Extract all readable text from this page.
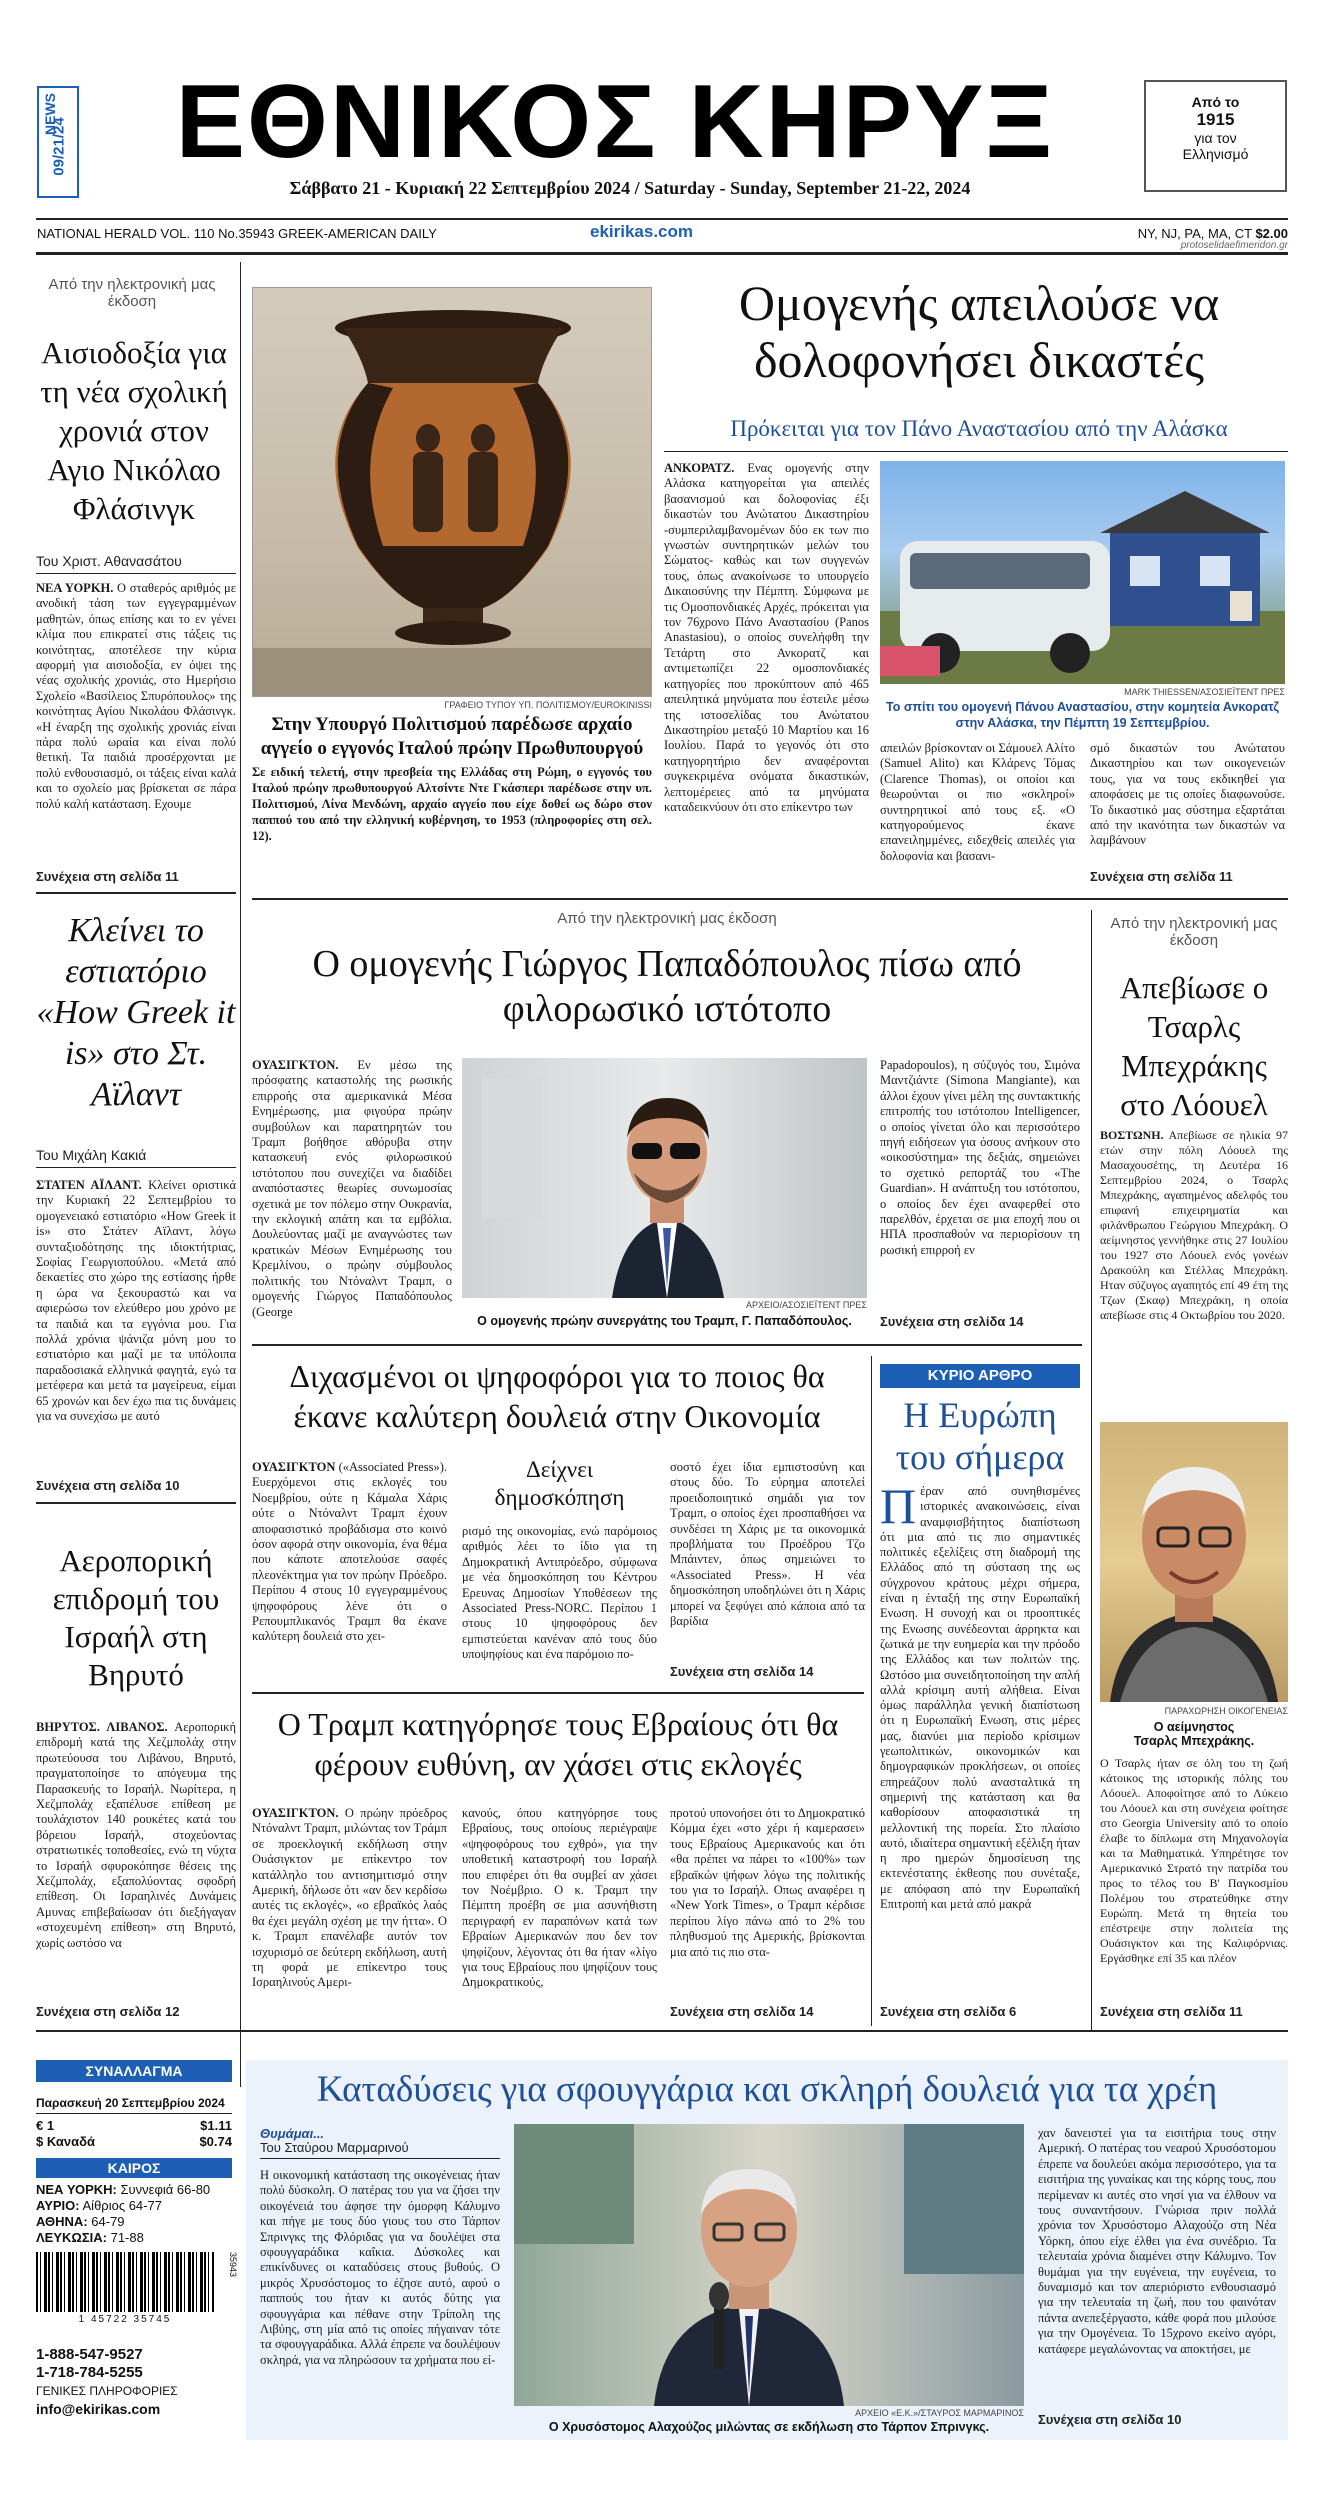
NEWS
09/21/24	ΕΘΝΙΚΟΣ ΚΗΡΥΞ
Σάββατο 21 - Κυριακή 22 Σεπτεμβρίου 2024 / Saturday - Sunday, September 21-22, 2024
Από το
1915
για τον
Ελληνισμό
NATIONAL HERALD VOL. 110 No.35943 GREEK-AMERICAN DAILY	ekirikas.com	NY, NJ, PA, MA, CT $2.00
protoselidaefimeridon.gr
Από την ηλεκτρονική μας έκδοση
Αισιοδοξία για τη νέα σχολική χρονιά στον Αγιο Νικόλαο Φλάσινγκ
Του Χριστ. Αθανασάτου
ΝΕΑ ΥΟΡΚΗ. Ο σταθερός αριθμός με ανοδική τάση των εγγεγραμμένων μαθητών, όπως επίσης και το εν γένει κλίμα που επικρατεί στις τάξεις τις κοινότητας, αποτέλεσε την κύρια αφορμή για αισιοδοξία, εν όψει της νέας σχολικής χρονιάς, στο Ημερήσιο Σχολείο «Βασίλειος Σπυρόπουλος» της κοινότητας Αγίου Νικολάου Φλάσινγκ. «Η έναρξη της σχολικής χρονιάς είναι πάρα πολύ ωραία και είναι πολύ θετική. Τα παιδιά προσέρχονται με πολύ ενθουσιασμό, οι τάξεις είναι καλά και το σχολείο μας βρίσκεται σε πάρα πολύ καλή κατάσταση. Εχουμε
Συνέχεια στη σελίδα 11
ΓΡΑΦΕΙΟ ΤΥΠΟΥ ΥΠ. ΠΟΛΙΤΙΣΜΟΥ/EUROKINISSI
Στην Υπουργό Πολιτισμού παρέδωσε αρχαίο αγγείο ο εγγονός Ιταλού πρώην Πρωθυπουργού
Σε ειδική τελετή, στην πρεσβεία της Ελλάδας στη Ρώμη, ο εγγονός του Ιταλού πρώην πρωθυπουργού Αλτσίντε Ντε Γκάσπερι παρέδωσε στην υπ. Πολιτισμού, Λίνα Μενδώνη, αρχαίο αγγείο που είχε δοθεί ως δώρο στον παππού του από την ελληνική κυβέρνηση, το 1953 (πληροφορίες στη σελ. 12).
Ομογενής απειλούσε να δολοφονήσει δικαστές
Πρόκειται για τον Πάνο Αναστασίου από την Αλάσκα
ΑΝΚΟΡΑΤΖ. Ενας ομογενής στην Αλάσκα κατηγορείται για απειλές βασανισμού και δολοφονίας έξι δικαστών του Ανώτατου Δικαστηρίου -συμπεριλαμβανομένων δύο εκ των πιο γνωστών συντηρητικών μελών του Σώματος- καθώς και των συγγενών τους, όπως ανακοίνωσε το υπουργείο Δικαιοσύνης την Πέμπτη. Σύμφωνα με τις Ομοσπονδιακές Αρχές, πρόκειται για τον 76χρονο Πάνο Αναστασίου (Panos Anastasiou), ο οποίος συνελήφθη την Τετάρτη στο Ανκορατζ και αντιμετωπίζει 22 ομοσπονδιακές κατηγορίες που προκύπτουν από 465 απειλητικά μηνύματα που έστειλε μέσω της ιστοσελίδας του Ανώτατου Δικαστηρίου μεταξύ 10 Μαρτίου και 16 Ιουλίου. Παρά το γεγονός ότι στο κατηγορητήριο δεν αναφέρονται συγκεκριμένα ονόματα δικαστικών, λεπτομέρειες από τα μηνύματα καταδεικνύουν ότι στο επίκεντρο των
MARK THIESSEN/ΑΣΟΣΙΕΪΤΕΝΤ ΠΡΕΣ
Το σπίτι του ομογενή Πάνου Αναστασίου, στην κομητεία Ανκορατζ στην Αλάσκα, την Πέμπτη 19 Σεπτεμβρίου.
απειλών βρίσκονταν οι Σάμουελ Αλίτο (Samuel Alito) και Κλάρενς Τόμας (Clarence Thomas), οι οποίοι και θεωρούνται οι πιο «σκληροί» συντηρητικοί από τους εξ. «Ο κατηγορούμενος έκανε επανειλημμένες, ειδεχθείς απειλές για δολοφονία και βασανι-
σμό δικαστών του Ανώτατου Δικαστηρίου και των οικογενειών τους, για να τους εκδικηθεί για αποφάσεις με τις οποίες διαφωνούσε. Το δικαστικό μας σύστημα εξαρτάται από την ικανότητα των δικαστών να λαμβάνουν
Συνέχεια στη σελίδα 11
Κλείνει το εστιατόριο «How Greek it is» στο Στ. Αϊλαντ
Του Μιχάλη Κακιά
ΣΤΑΤΕΝ ΑΪΛΑΝΤ. Κλείνει οριστικά την Κυριακή 22 Σεπτεμβρίου το ομογενειακό εστιατόριο «How Greek it is» στο Στάτεν Αϊλαντ, λόγω συνταξιοδότησης της ιδιοκτήτριας, Σοφίας Γεωργιοπούλου. «Μετά από δεκαετίες στο χώρο της εστίασης ήρθε η ώρα να ξεκουραστώ και να αφιερώσω τον ελεύθερο μου χρόνο με τα παιδιά και τα εγγόνια μου. Για πολλά χρόνια ψάνιζα μόνη μου το εστιατόριο και μαζί με τα υπόλοιπα παραδοσιακά ελληνικά φαγητά, εγώ τα μετέφερα και μετά τα μαγείρευα, είμαι 65 χρονών και δεν έχω πια τις δυνάμεις για να συνεχίσω με αυτό
Συνέχεια στη σελίδα 10
Από την ηλεκτρονική μας έκδοση
Ο ομογενής Γιώργος Παπαδόπουλος πίσω από φιλορωσικό ιστότοπο
ΟΥΑΣΙΓΚΤΟΝ. Εν μέσω της πρόσφατης καταστολής της ρωσικής επιρροής στα αμερικανικά Μέσα Ενημέρωσης, μια φιγούρα πρώην συμβούλων και παρατηρητών του Τραμπ βοήθησε αθόρυβα στην κατασκευή ενός φιλορωσικού ιστότοπου που συνεχίζει να διαδίδει αναπόσταστες θεωρίες συνωμοσίας σχετικά με τον πόλεμο στην Ουκρανία, την εκλογική απάτη και τα εμβόλια. Δουλεύοντας μαζί με αναγνώστες των κρατικών Μέσων Ενημέρωσης του Κρεμλίνου, ο πρώην σύμβουλος πολιτικής του Ντόναλντ Τραμπ, ο ομογενής Γιώργος Παπαδόπουλος (George	ΑΡΧΕΙΟ/ΑΣΟΣΙΕΪΤΕΝΤ ΠΡΕΣ
Ο ομογενής πρώην συνεργάτης του Τραμπ, Γ. Παπαδόπουλος.
Papadopoulos), η σύζυγός του, Σιμόνα Μαντζιάντε (Simona Mangiante), και άλλοι έχουν γίνει μέλη της συντακτικής επιτροπής του ιστότοπου Intelligencer, ο οποίος γίνεται όλο και περισσότερο πηγή ειδήσεων για όσους ανήκουν στο «οικοσύστημα» της δεξιάς, σημειώνει το σχετικό ρεπορτάζ του «The Guardian». Η ανάπτυξη του ιστότοπου, ο οποίος δεν έχει αναφερθεί στο παρελθόν, έρχεται σε μια εποχή που οι ΗΠΑ προσπαθούν να περιορίσουν τη ρωσική επιρροή εν
Συνέχεια στη σελίδα 14
Από την ηλεκτρονική μας έκδοση
Απεβίωσε ο Τσαρλς Μπεχράκης στο Λόουελ
ΒΟΣΤΩΝΗ. Απεβίωσε σε ηλικία 97 ετών στην πόλη Λόουελ της Μασαχουσέτης, τη Δευτέρα 16 Σεπτεμβρίου 2024, ο Τσαρλς Μπεχράκης, αγαπημένος αδελφός του επιφανή επιχειρηματία και φιλάνθρωπου Γεώργιου Μπεχράκη. Ο αείμνηστος γεννήθηκε στις 27 Ιουλίου του 1927 στο Λόουελ ενός γονέων Δρακούλη και Στέλλας Μπεχράκη. Ηταν σύζυγος αγαπητός επί 49 έτη της Τζων (Σκαφ) Μπεχράκη, η οποία απεβίωσε στις 4 Οκτωβρίου του 2020.
ΠΑΡΑΧΩΡΗΣΗ ΟΙΚΟΓΕΝΕΙΑΣ
Ο αείμνηστος
Τσαρλς Μπεχράκης.
Ο Τσαρλς ήταν σε όλη του τη ζωή κάτοικος της ιστορικής πόλης του Λόουελ. Αποφοίτησε από το Λύκειο του Λόουελ και στη συνέχεια φοίτησε στο Georgia University από το οποίο έλαβε το δίπλωμα στη Μηχανολογία και τα Μαθηματικά. Υπηρέτησε τον Αμερικανικό Στρατό την πατρίδα του προς το τέλος του Β' Παγκοσμίου Πολέμου του στρατεύθηκε στην Ευρώπη. Μετά τη θητεία του επέστρεψε στην πολιτεία της Ουάσιγκτον και της Καλιφόρνιας. Εργάσθηκε επί 35 και πλέον
Συνέχεια στη σελίδα 11
Διχασμένοι οι ψηφοφόροι για το ποιος θα έκανε καλύτερη δουλειά στην Οικονομία
ΟΥΑΣΙΓΚΤΟΝ («Associated Press»). Ευερχόμενοι στις εκλογές του Νοεμβρίου, ούτε η Κάμαλα Χάρις ούτε ο Ντόναλντ Τραμπ έχουν αποφασιστικό προβάδισμα στο κοινό όσον αφορά στην οικονομία, ένα θέμα που κάποτε αποτελούσε σαφές πλεονέκτημα για τον πρώην Πρόεδρο. Περίπου 4 στους 10 εγγεγραμμένους ψηφοφόρους λένε ότι ο Ρεπουμπλικανός Τραμπ θα έκανε καλύτερη δουλειά στο χει-
Δείχνει δημοσκόπηση
ρισμό της οικονομίας, ενώ παρόμοιος αριθμός λέει το ίδιο για τη Δημοκρατική Αντιπρόεδρο, σύμφωνα με νέα δημοσκόπηση του Κέντρου Ερευνας Δημοσίων Υποθέσεων της Associated Press-NORC. Περίπου 1 στους 10 ψηφοφόρους δεν εμπιστεύεται κανέναν από τους δύο υποψηφίους και ένα παρόμοιο πο-
σοστό έχει ίδια εμπιστοσύνη και στους δύο. Το εύρημα αποτελεί προειδοποιητικό σημάδι για τον Τραμπ, ο οποίος έχει προσπαθήσει να συνδέσει τη Χάρις με τα οικονομικά προβλήματα του Προέδρου Τζο Μπάιντεν, όπως σημειώνει το «Associated Press». Η νέα δημοσκόπηση υποδηλώνει ότι η Χάρις μπορεί να ξεφύγει από κάποια από τα βαρίδια
Συνέχεια στη σελίδα 14
ΚΥΡΙΟ ΑΡΘΡΟ
Η Ευρώπη του σήμερα
Π έραν από συνηθισμένες ιστορικές ανακοινώσεις, είναι αναμφισβήτητος διαπίστωση ότι μια από τις πιο σημαντικές πολιτικές εξελίξεις στη διαδρομή της Ελλάδος από τη σύσταση της ως σύγχρονου κράτους μέχρι σήμερα, είναι η ένταξή της στην Ευρωπαϊκή Ενωση. Η συνοχή και οι προοπτικές της Ενωσης συνέδεονται άρρηκτα και ζωτικά με την ευημερία και την πρόοδο της Ελλάδος και των πολιτών της. Ωστόσο μια συνειδητοποίηση την απλή αλλά κρίσιμη αυτή αλήθεια. Είναι όμως παράλληλα γενική διαπίστωση ότι η Ευρωπαϊκή Ενωση, στις μέρες μας, διανύει μια περίοδο κρίσιμων γεωπολιτικών, οικονομικών και δημογραφικών προκλήσεων, οι οποίες επηρεάζουν πολύ ανασταλτικά τη σημερινή της κατάσταση και θα καθορίσουν αποφασιστικά τη μελλοντική της πορεία. Στο πλαίσιο αυτό, ιδιαίτερα σημαντική εξέλιξη ήταν η προ ημερών δημοσίευση της εκτενέστατης έκθεσης που συνέταξε, με απόφαση από την Ευρωπαϊκή Επιτροπή και μετά από μακρά
Συνέχεια στη σελίδα 6
Αεροπορική επιδρομή του Ισραήλ στη Βηρυτό
ΒΗΡΥΤΟΣ. ΛΙΒΑΝΟΣ. Αεροπορική επιδρομή κατά της Χεζμπολάχ στην πρωτεύουσα του Λιβάνου, Βηρυτό, πραγματοποίησε το απόγευμα της Παρασκευής το Ισραήλ. Νωρίτερα, η Χεζμπολάχ εξαπέλυσε επίθεση με τουλάχιστον 140 ρουκέτες κατά του βόρειου Ισραήλ, στοχεύοντας στρατιωτικές τοποθεσίες, ενώ τη νύχτα το Ισραήλ σφυροκόπησε θέσεις της Χεζμπολάχ, εξαπολύοντας σφοδρή επίθεση. Οι Ισραηλινές Δυνάμεις Αμυνας επιβεβαίωσαν ότι διεξήγαγαν «στοχευμένη επίθεση» στη Βηρυτό, χωρίς ωστόσο να
Συνέχεια στη σελίδα 12
Ο Τραμπ κατηγόρησε τους Εβραίους ότι θα φέρουν ευθύνη, αν χάσει στις εκλογές
ΟΥΑΣΙΓΚΤΟΝ. Ο πρώην πρόεδρος Ντόναλντ Τραμπ, μιλώντας τον Τράμπ σε προεκλογική εκδήλωση στην Ουάσιγκτον με επίκεντρο τον κατάλληλο του αντισημιτισμό στην Αμερική, δήλωσε ότι «αν δεν κερδίσω αυτές τις εκλογές», «ο εβραϊκός λαός θα έχει μεγάλη σχέση με την ήττα». Ο κ. Τραμπ επανέλαβε αυτόν τον ισχυρισμό σε δεύτερη εκδήλωση, αυτή τη φορά με επίκεντρο τους Ισραηλινούς Αμερι-
κανούς, όπου κατηγόρησε τους Εβραίους, τους οποίους περιέγραψε «ψηφοφόρους του εχθρό», για την υποθετική καταστροφή του Ισραήλ που επιφέρει ότι θα συμβεί αν χάσει τον Νοέμβριο. Ο κ. Τραμπ την Πέμπτη προέβη σε μια ασυνήθιστη περιγραφή εν παραπόνων κατά των Εβραίων Αμερικανών που δεν τον ψηφίζουν, λέγοντας ότι θα ήταν «λίγο για τους Εβραίους που ψηφίζουν τους Δημοκρατικούς,
προτού υπονοήσει ότι το Δημοκρατικό Κόμμα έχει «στο χέρι ή καμερασει» τους Εβραίους Αμερικανούς και ότι «θα πρέπει να πάρει το «100%» των εβραϊκών ψήφων λόγω της πολιτικής του για το Ισραήλ. Οπως αναφέρει η «New York Times», ο Τραμπ κέρδισε περίπου λίγο πάνω από το 2% του πληθυσμού της Αμερικής, βρίσκονται μια από τις πιο στα-
Συνέχεια στη σελίδα 14
ΣΥΝΑΛΛΑΓΜΑ
Παρασκευή 20 Σεπτεμβρίου 2024
€ 1	$1.11
$ Καναδά	$0.74
ΚΑΙΡΟΣ
ΝΕΑ ΥΟΡΚΗ: Συννεφιά 66-80
ΑΥΡΙΟ: Αίθριος 64-77
ΑΘΗΝΑ: 64-79
ΛΕΥΚΩΣΙΑ: 71-88
35943
1 45722 35745
1-888-547-9527
1-718-784-5255
ΓΕΝΙΚΕΣ ΠΛΗΡΟΦΟΡΙΕΣ
info@ekirikas.com
Καταδύσεις για σφουγγάρια και σκληρή δουλειά για τα χρέη
Θυμάμαι...
Του Σταύρου Μαρμαρινού
Η οικονομική κατάσταση της οικογένειας ήταν πολύ δύσκολη. Ο πατέρας του για να ζήσει την οικογένειά του άφησε την όμορφη Κάλυμνο και πήγε με τους δύο γιους του στο Τάρπον Σπρινγκς της Φλόριδας για να δουλέψει στα σφουγγαράδικα καΐκια. Δύσκολες και επικίνδυνες οι καταδύσεις στους βυθούς. Ο μικρός Χρυσόστομος το έζησε αυτό, αφού ο παππούς του ήταν κι αυτός δύτης για σφουγγάρια και πέθανε στην Τρίπολη της Λιβύης, στη μία από τις οποίες πήγαιναν τότε τα σφουγγαράδικα. Αλλά έπρεπε να δουλέψουν σκληρά, για να πληρώσουν τα χρήματα που εί-
ΑΡΧΕΙΟ «Ε.Κ.»/ΣΤΑΥΡΟΣ ΜΑΡΜΑΡΙΝΟΣ
Ο Χρυσόστομος Αλαχούζος μιλώντας σε εκδήλωση στο Τάρπον Σπρινγκς.
χαν δανειστεί για τα εισιτήρια τους στην Αμερική. Ο πατέρας του νεαρού Χρυσόστομου έπρεπε να δουλεύει ακόμα περισσότερο, για τα εισιτήρια της γυναίκας και της κόρης τους, που περίμεναν κι αυτές στο νησί για να έλθουν να τους συναντήσουν. Γνώρισα πριν πολλά χρόνια τον Χρυσόστομο Αλαχούζο στη Νέα Υόρκη, όπου είχε έλθει για ένα συνέδριο. Τα τελευταία χρόνια διαμένει στην Κάλυμνο. Τον θυμάμαι για την ευγένεια, την ευγένεια, το δυναμισμό και τον απεριόριστο ενθουσιασμό για την τελευταία τη ζωή, που του φαινόταν πάντα ανεπεξέργαστο, κάθε φορά που μιλούσε για την Ομογένεια. Το 15χρονο εκείνο αγόρι, κατάφερε μεγαλώνοντας να αποκτήσει, με
Συνέχεια στη σελίδα 10
